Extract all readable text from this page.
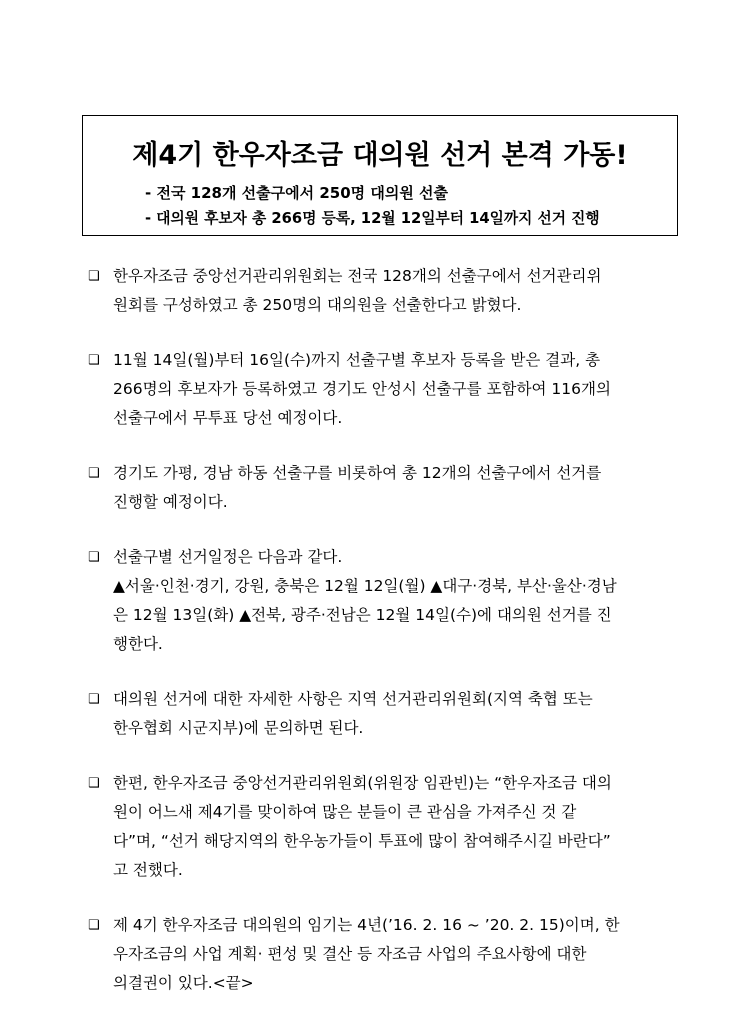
제4기 한우자조금 대의원 선거 본격 가동!
- 전국 128개 선출구에서 250명 대의원 선출
- 대의원 후보자 총 266명 등록, 12월 12일부터 14일까지 선거 진행
❑ 한우자조금 중앙선거관리위원회는 전국 128개의 선출구에서 선거관리위
원회를 구성하였고 총 250명의 대의원을 선출한다고 밝혔다.
❑ 11월 14일(월)부터 16일(수)까지 선출구별 후보자 등록을 받은 결과, 총
266명의 후보자가 등록하였고 경기도 안성시 선출구를 포함하여 116개의
선출구에서 무투표 당선 예정이다.
❑ 경기도 가평, 경남 하동 선출구를 비롯하여 총 12개의 선출구에서 선거를
진행할 예정이다.
❑ 선출구별 선거일정은 다음과 같다.
▲서울·인천·경기, 강원, 충북은 12월 12일(월) ▲대구·경북, 부산·울산·경남
은 12월 13일(화) ▲전북, 광주·전남은 12월 14일(수)에 대의원 선거를 진
행한다.
❑ 대의원 선거에 대한 자세한 사항은 지역 선거관리위원회(지역 축협 또는
한우협회 시군지부)에 문의하면 된다.
❑ 한편, 한우자조금 중앙선거관리위원회(위원장 임관빈)는 “한우자조금 대의
원이 어느새 제4기를 맞이하여 많은 분들이 큰 관심을 가져주신 것 같
다”며, “선거 해당지역의 한우농가들이 투표에 많이 참여해주시길 바란다”
고 전했다.
❑ 제 4기 한우자조금 대의원의 임기는 4년(’16. 2. 16 ~ ’20. 2. 15)이며, 한
우자조금의 사업 계획· 편성 및 결산 등 자조금 사업의 주요사항에 대한
의결권이 있다.<끝>
